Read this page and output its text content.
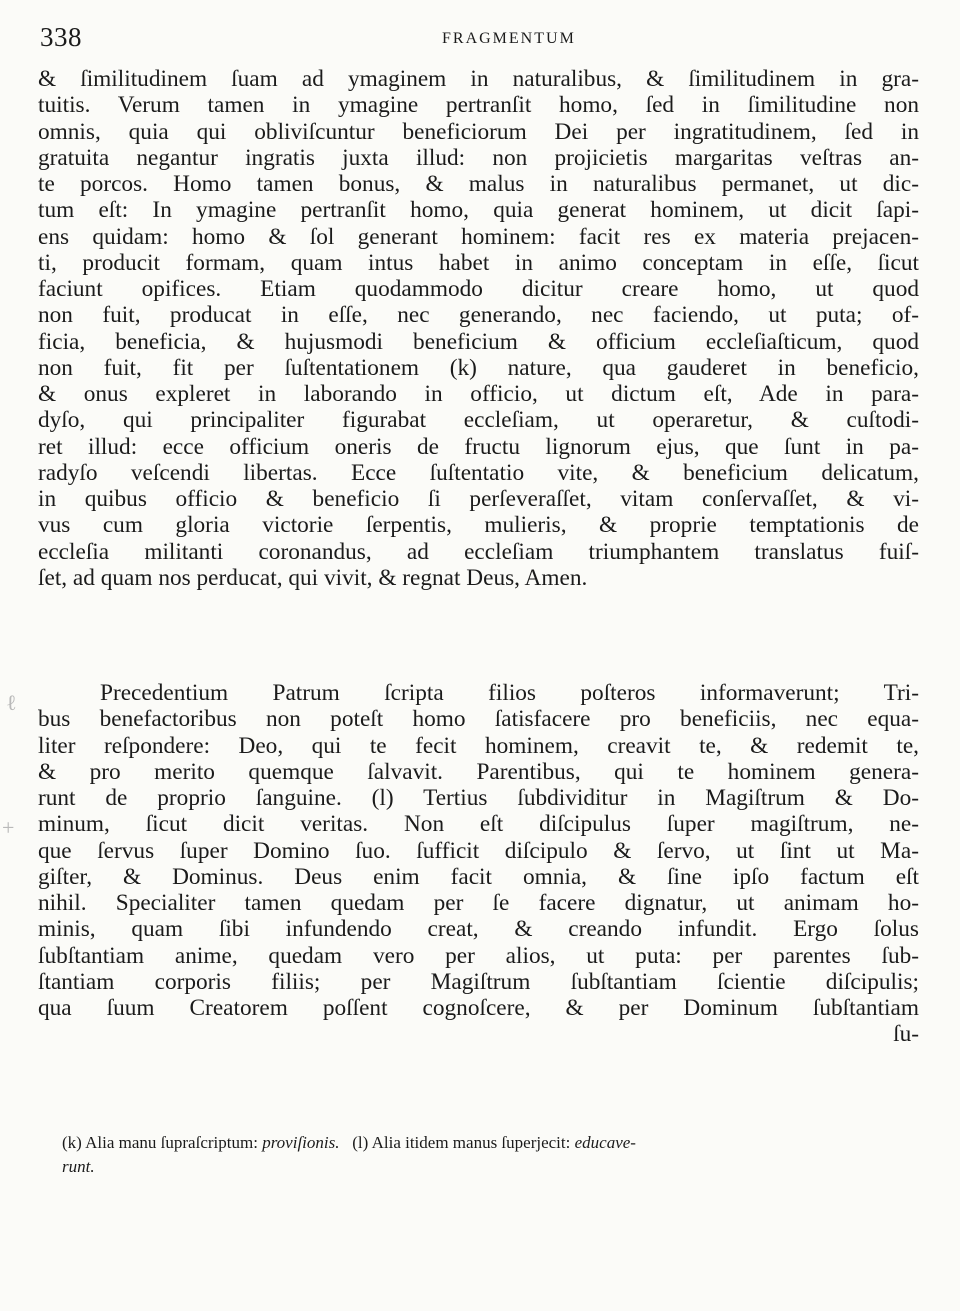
338	FRAGMENTUM
& ſimilitudinem ſuam ad ymaginem in naturalibus, & ſimilitudinem in gra-
tuitis. Verum tamen in ymagine pertranſit homo, ſed in ſimilitudine non
omnis, quia qui obliviſcuntur beneficiorum Dei per ingratitudinem, ſed in
gratuita negantur ingratis juxta illud: non projicietis margaritas veſtras an-
te porcos. Homo tamen bonus, & malus in naturalibus permanet, ut dic-
tum eſt: In ymagine pertranſit homo, quia generat hominem, ut dicit ſapi-
ens quidam: homo & ſol generant hominem: facit res ex materia prejacen-
ti, producit formam, quam intus habet in animo conceptam in eſſe, ſicut
faciunt opifices. Etiam quodammodo dicitur creare homo, ut quod
non fuit, producat in eſſe, nec generando, nec faciendo, ut puta; of-
ficia, beneficia, & hujusmodi beneficium & officium eccleſiaſticum, quod
non fuit, fit per ſuſtentationem (k) nature, qua gauderet in beneficio,
& onus expleret in laborando in officio, ut dictum eſt, Ade in para-
dyſo, qui principaliter figurabat eccleſiam, ut operaretur, & cuſtodi-
ret illud: ecce officium oneris de fructu lignorum ejus, que ſunt in pa-
radyſo veſcendi libertas. Ecce ſuſtentatio vite, & beneficium delicatum,
in quibus officio & beneficio ſi perſeveraſſet, vitam conſervaſſet, & vi-
vus cum gloria victorie ſerpentis, mulieris, & proprie temptationis de
eccleſia militanti coronandus, ad eccleſiam triumphantem translatus fuiſ-
ſet, ad quam nos perducat, qui vivit, & regnat Deus, Amen.
Precedentium Patrum ſcripta filios poſteros informaverunt; Tri-
bus benefactoribus non poteſt homo ſatisfacere pro beneficiis, nec equa-
liter reſpondere: Deo, qui te fecit hominem, creavit te, & redemit te,
& pro merito quemque ſalvavit. Parentibus, qui te hominem genera-
runt de proprio ſanguine. (l) Tertius ſubdividitur in Magiſtrum & Do-
minum, ſicut dicit veritas. Non eſt diſcipulus ſuper magiſtrum, ne-
que ſervus ſuper Domino ſuo. ſufficit diſcipulo & ſervo, ut ſint ut Ma-
giſter, & Dominus. Deus enim facit omnia, & ſine ipſo factum eſt
nihil. Specialiter tamen quedam per ſe facere dignatur, ut animam ho-
minis, quam ſibi infundendo creat, & creando infundit. Ergo ſolus
ſubſtantiam anime, quedam vero per alios, ut puta: per parentes ſub-
ſtantiam corporis filiis; per Magiſtrum ſubſtantiam ſcientie diſcipulis;
qua ſuum Creatorem poſſent cognoſcere, & per Dominum ſubſtantiam
ſu-
(k) Alia manu ſupraſcriptum: proviſionis. (l) Alia itidem manus ſuperjecit: educave-
runt.
ℓ
+
